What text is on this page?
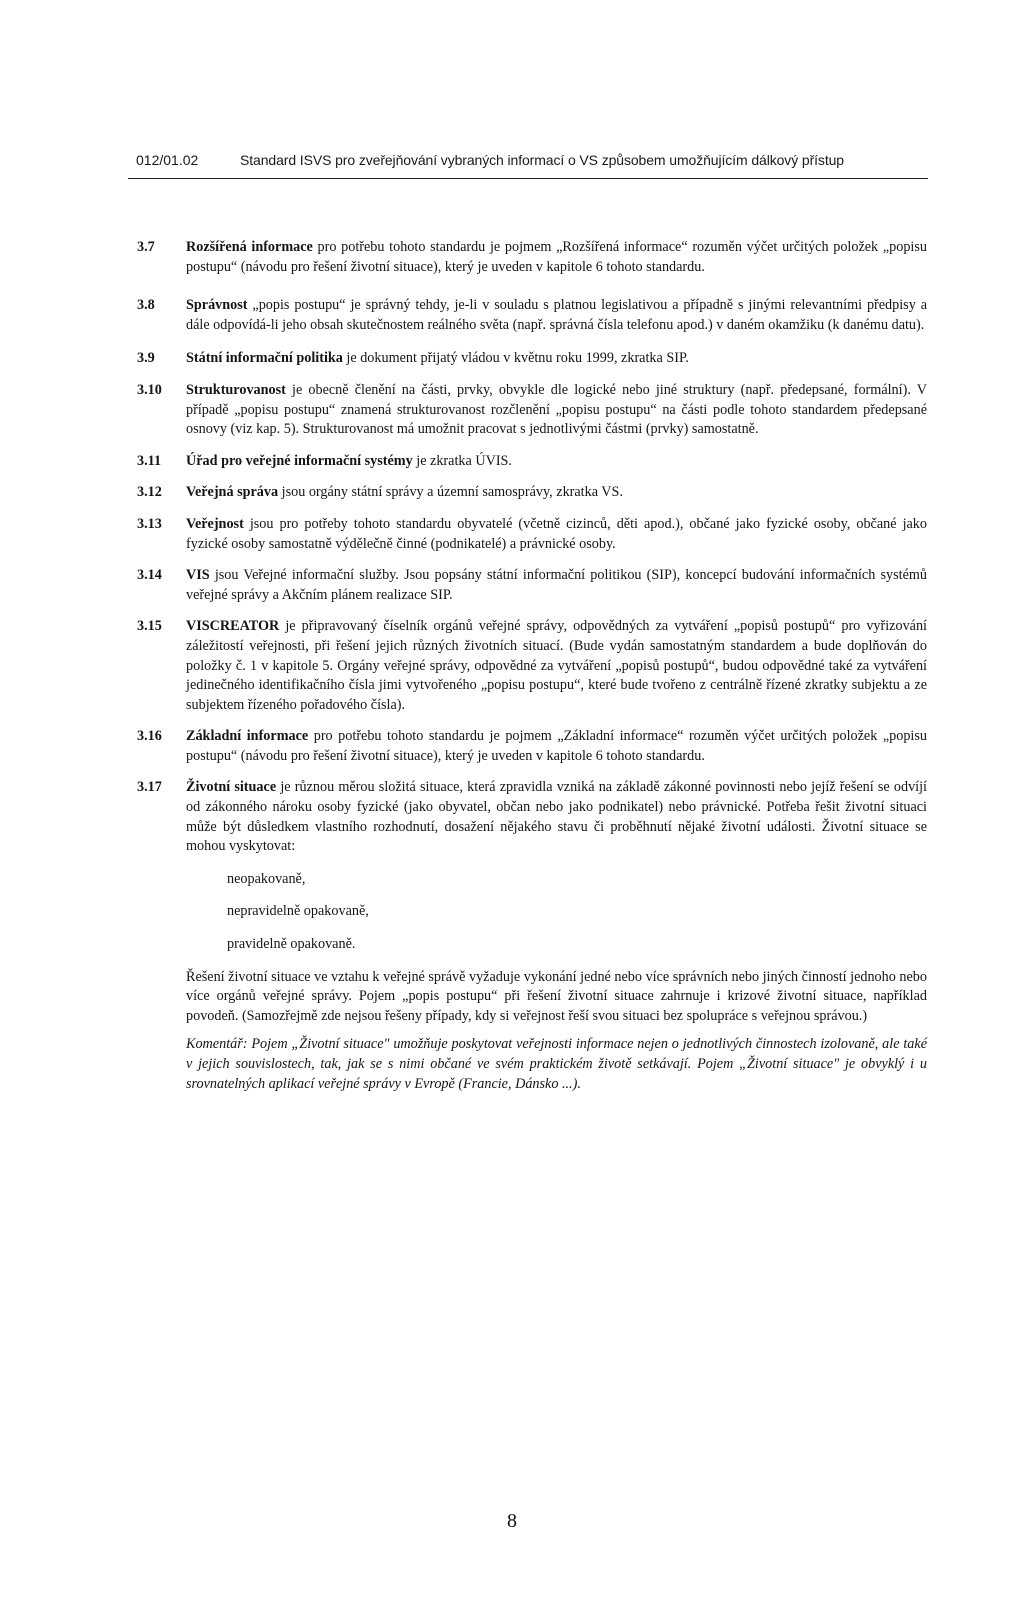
012/01.02	Standard ISVS pro zveřejňování vybraných informací o VS způsobem umožňujícím dálkový přístup
3.7	Rozšířená informace pro potřebu tohoto standardu je pojmem „Rozšířená informace“ rozuměn výčet určitých položek „popisu postupu“ (návodu pro řešení životní situace), který je uveden v kapitole 6 tohoto standardu.
3.8	Správnost „popis postupu“ je správný tehdy, je-li v souladu s platnou legislativou a případně s jinými relevantními předpisy a dále odpovídá-li jeho obsah skutečnostem reálného světa (např. správná čísla telefonu apod.) v daném okamžiku (k danému datu).
3.9	Státní informační politika je dokument přijatý vládou v květnu roku 1999, zkratka SIP.
3.10	Strukturovanost je obecně členění na části, prvky, obvykle dle logické nebo jiné struktury (např. předepsané, formální). V případě „popisu postupu“ znamená strukturovanost rozčlenění „popisu postupu“ na části podle tohoto standardem předepsané osnovy (viz kap. 5). Strukturovanost má umožnit pracovat s jednotlivými částmi (prvky) samostatně.
3.11	Úřad pro veřejné informační systémy je zkratka ÚVIS.
3.12	Veřejná správa jsou orgány státní správy a územní samosprávy, zkratka VS.
3.13	Veřejnost jsou pro potřeby tohoto standardu obyvatelé (včetně cizinců, děti apod.), občané jako fyzické osoby, občané jako fyzické osoby samostatně výdělečně činné (podnikatelé) a právnické osoby.
3.14	VIS jsou Veřejné informační služby. Jsou popsány státní informační politikou (SIP), koncepcí budování informačních systémů veřejné správy a Akčním plánem realizace SIP.
3.15	VISCREATOR je připravovaný číselník orgánů veřejné správy, odpovědných za vytváření „popisů postupů“ pro vyřizování záležitostí veřejnosti, při řešení jejich různých životních situací. (Bude vydán samostatným standardem a bude doplňován do položky č. 1 v kapitole 5. Orgány veřejné správy, odpovědné za vytváření „popisů postupů“, budou odpovědné také za vytváření jedinečného identifikačního čísla jimi vytvořeného „popisu postupu“, které bude tvořeno z centrálně řízené zkratky subjektu a ze subjektem řízeného pořadového čísla).
3.16	Základní informace pro potřebu tohoto standardu je pojmem „Základní informace“ rozuměn výčet určitých položek „popisu postupu“ (návodu pro řešení životní situace), který je uveden v kapitole 6 tohoto standardu.
3.17	Životní situace je různou měrou složitá situace, která zpravidla vzniká na základě zákonné povinnosti nebo jejíž řešení se odvíjí od zákonného nároku osoby fyzické (jako obyvatel, občan nebo jako podnikatel) nebo právnické. Potřeba řešit životní situaci může být důsledkem vlastního rozhodnutí, dosažení nějakého stavu či proběhnutí nějaké životní události. Životní situace se mohou vyskytovat:
neopakovaně,
nepravidelně opakovaně,
pravidelně opakovaně.
Řešení životní situace ve vztahu k veřejné správě vyžaduje vykonání jedné nebo více správních nebo jiných činností jednoho nebo více orgánů veřejné správy. Pojem „popis postupu“ při řešení životní situace zahrnuje i krizové životní situace, například povodeň. (Samozřejmě zde nejsou řešeny případy, kdy si veřejnost řeší svou situaci bez spolupráce s veřejnou správou.)
Komentář: Pojem „Životní situace" umožňuje poskytovat veřejnosti informace nejen o jednotlivých činnostech izolovaně, ale také v jejich souvislostech, tak, jak se s nimi občané ve svém praktickém životě setkávají. Pojem „Životní situace" je obvyklý i u srovnatelných aplikací veřejné správy v Evropě (Francie, Dánsko ...).
8
